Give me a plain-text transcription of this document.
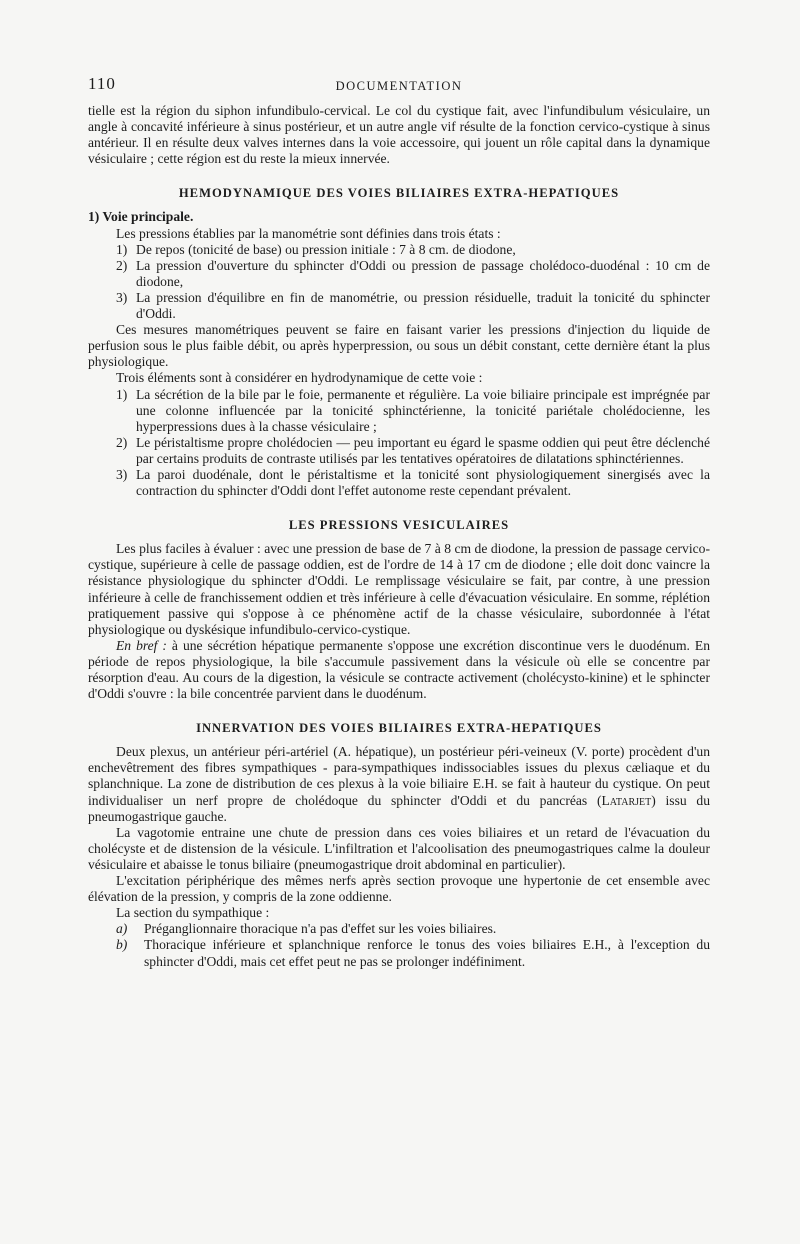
110	DOCUMENTATION

tielle est la région du siphon infundibulo-cervical. Le col du cystique fait, avec l'infundibulum vésiculaire, un angle à concavité inférieure à sinus postérieur, et un autre angle vif résulte de la fonction cervico-cystique à sinus antérieur. Il en résulte deux valves internes dans la voie accessoire, qui jouent un rôle capital dans la dynamique vésiculaire ; cette région est du reste la mieux innervée.

HEMODYNAMIQUE DES VOIES BILIAIRES EXTRA-HEPATIQUES

1) Voie principale.

Les pressions établies par la manométrie sont définies dans trois états :

1) De repos (tonicité de base) ou pression initiale : 7 à 8 cm. de diodone,
2) La pression d'ouverture du sphincter d'Oddi ou pression de passage cholédoco-duodénal : 10 cm de diodone,
3) La pression d'équilibre en fin de manométrie, ou pression résiduelle, traduit la tonicité du sphincter d'Oddi.

Ces mesures manométriques peuvent se faire en faisant varier les pressions d'injection du liquide de perfusion sous le plus faible débit, ou après hyperpression, ou sous un débit constant, cette dernière étant la plus physiologique.

Trois éléments sont à considérer en hydrodynamique de cette voie :

1) La sécrétion de la bile par le foie, permanente et régulière. La voie biliaire principale est imprégnée par une colonne influencée par la tonicité sphinctérienne, la tonicité pariétale cholédocienne, les hyperpressions dues à la chasse vésiculaire ;
2) Le péristaltisme propre cholédocien — peu important eu égard le spasme oddien qui peut être déclenché par certains produits de contraste utilisés par les tentatives opératoires de dilatations sphinctériennes.
3) La paroi duodénale, dont le péristaltisme et la tonicité sont physiologiquement sinergisés avec la contraction du sphincter d'Oddi dont l'effet autonome reste cependant prévalent.
LES PRESSIONS VESICULAIRES

Les plus faciles à évaluer : avec une pression de base de 7 à 8 cm de diodone, la pression de passage cervico-cystique, supérieure à celle de passage oddien, est de l'ordre de 14 à 17 cm de diodone ; elle doit donc vaincre la résistance physiologique du sphincter d'Oddi. Le remplissage vésiculaire se fait, par contre, à une pression inférieure à celle de franchissement oddien et très inférieure à celle d'évacuation vésiculaire. En somme, réplétion pratiquement passive qui s'oppose à ce phénomène actif de la chasse vésiculaire, subordonnée à l'état physiologique ou dyskésique infundibulo-cervico-cystique.

En bref : à une sécrétion hépatique permanente s'oppose une excrétion discontinue vers le duodénum. En période de repos physiologique, la bile s'accumule passivement dans la vésicule où elle se concentre par résorption d'eau. Au cours de la digestion, la vésicule se contracte activement (cholécysto-kinine) et le sphincter d'Oddi s'ouvre : la bile concentrée parvient dans le duodénum.

INNERVATION DES VOIES BILIAIRES EXTRA-HEPATIQUES

Deux plexus, un antérieur péri-artériel (A. hépatique), un postérieur péri-veineux (V. porte) procèdent d'un enchevêtrement des fibres sympathiques - para-sympathiques indissociables issues du plexus cæliaque et du splanchnique. La zone de distribution de ces plexus à la voie biliaire E.H. se fait à hauteur du cystique. On peut individualiser un nerf propre de cholédoque du sphincter d'Oddi et du pancréas (Latarjet) issu du pneumogastrique gauche.

La vagotomie entraine une chute de pression dans ces voies biliaires et un retard de l'évacuation du cholécyste et de distension de la vésicule. L'infiltration et l'alcoolisation des pneumogastriques calme la douleur vésiculaire et abaisse le tonus biliaire (pneumogastrique droit abdominal en particulier).

L'excitation périphérique des mêmes nerfs après section provoque une hypertonie de cet ensemble avec élévation de la pression, y compris de la zone oddienne.

La section du sympathique :

a) Préganglionnaire thoracique n'a pas d'effet sur les voies biliaires.
b) Thoracique inférieure et splanchnique renforce le tonus des voies biliaires E.H., à l'exception du sphincter d'Oddi, mais cet effet peut ne pas se prolonger indéfiniment.
